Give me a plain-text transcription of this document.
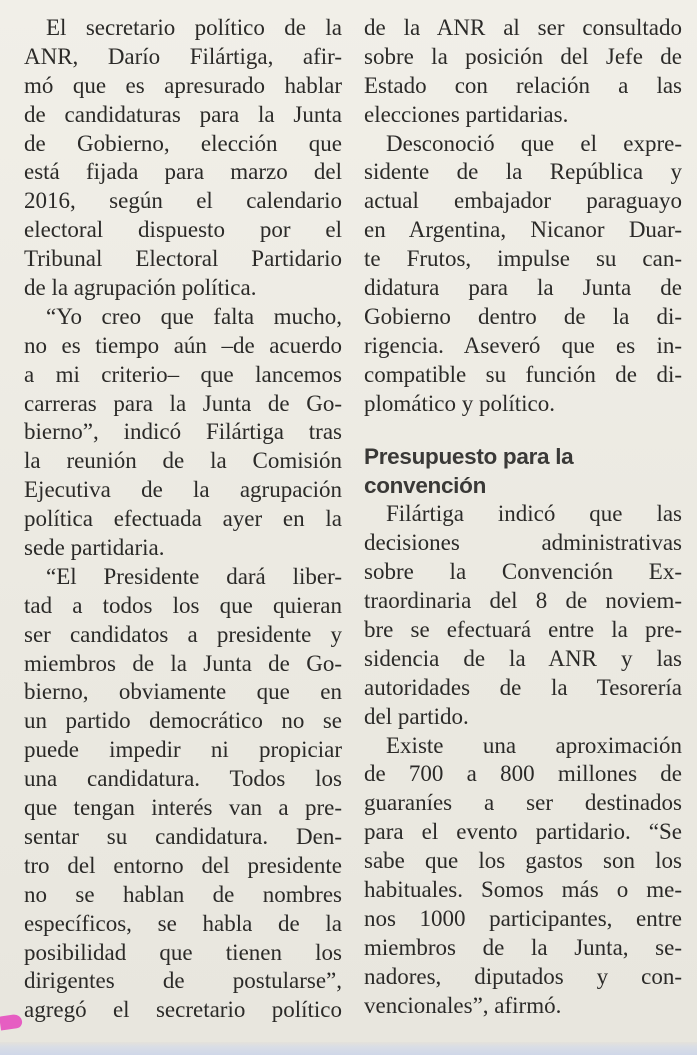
El secretario político de la
ANR, Darío Filártiga, afir-
mó que es apresurado hablar
de candidaturas para la Junta
de Gobierno, elección que
está fijada para marzo del
2016, según el calendario
electoral dispuesto por el
Tribunal Electoral Partidario
de la agrupación política.
“Yo creo que falta mucho,
no es tiempo aún –de acuerdo
a mi criterio– que lancemos
carreras para la Junta de Go-
bierno”, indicó Filártiga tras
la reunión de la Comisión
Ejecutiva de la agrupación
política efectuada ayer en la
sede partidaria.
“El Presidente dará liber-
tad a todos los que quieran
ser candidatos a presidente y
miembros de la Junta de Go-
bierno, obviamente que en
un partido democrático no se
puede impedir ni propiciar
una candidatura. Todos los
que tengan interés van a pre-
sentar su candidatura. Den-
tro del entorno del presidente
no se hablan de nombres
específicos, se habla de la
posibilidad que tienen los
dirigentes de postularse”,
agregó el secretario político
de la ANR al ser consultado
sobre la posición del Jefe de
Estado con relación a las
elecciones partidarias.
Desconoció que el expre-
sidente de la República y
actual embajador paraguayo
en Argentina, Nicanor Duar-
te Frutos, impulse su can-
didatura para la Junta de
Gobierno dentro de la di-
rigencia. Aseveró que es in-
compatible su función de di-
plomático y político.
Presupuesto para la
convención
Filártiga indicó que las
decisiones administrativas
sobre la Convención Ex-
traordinaria del 8 de noviem-
bre se efectuará entre la pre-
sidencia de la ANR y las
autoridades de la Tesorería
del partido.
Existe una aproximación
de 700 a 800 millones de
guaraníes a ser destinados
para el evento partidario. “Se
sabe que los gastos son los
habituales. Somos más o me-
nos 1000 participantes, entre
miembros de la Junta, se-
nadores, diputados y con-
vencionales”, afirmó.
